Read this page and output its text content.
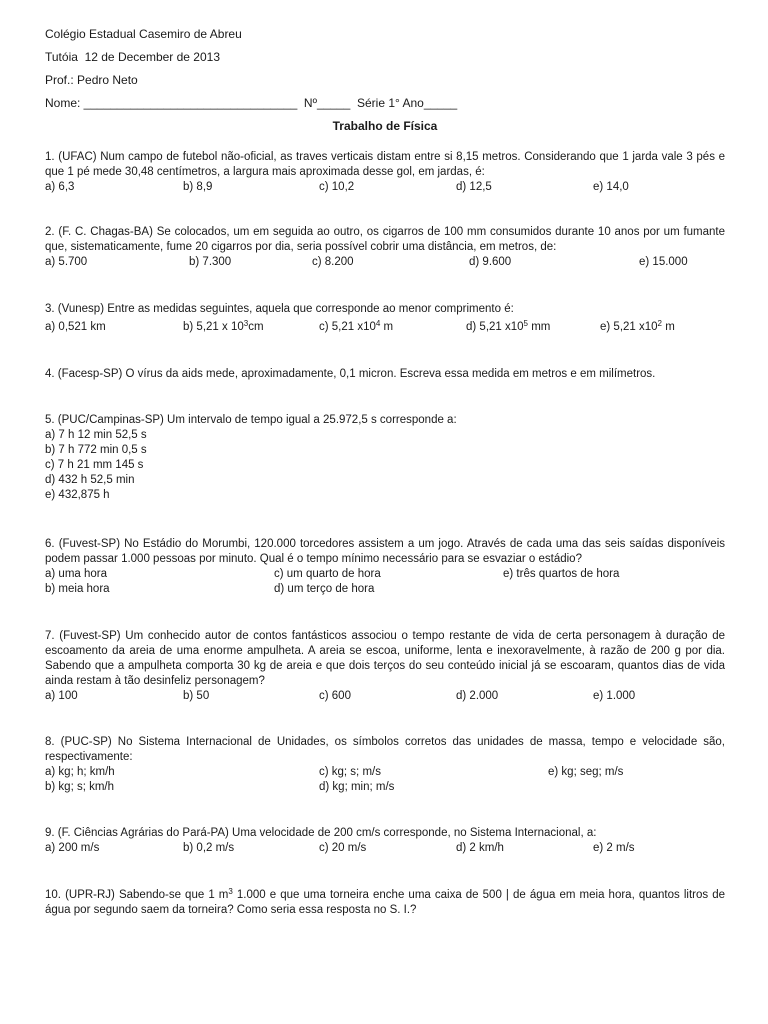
Colégio Estadual Casemiro de Abreu
Tutóia  12 de December de 2013
Prof.: Pedro Neto
Nome: ________________________________  Nº_____  Série 1° Ano_____
Trabalho de Física

1. (UFAC) Num campo de futebol não-oficial, as traves verticais distam entre si 8,15 metros. Considerando que 1 jarda vale 3 pés e que 1 pé mede 30,48 centímetros, a largura mais aproximada desse gol, em jardas, é:

a) 6,3	b) 8,9	c) 10,2	d) 12,5	e) 14,0

2. (F. C. Chagas-BA) Se colocados, um em seguida ao outro, os cigarros de 100 mm consumidos durante 10 anos por um fumante que, sistematicamente, fume 20 cigarros por dia, seria possível cobrir uma distância, em metros, de:

a) 5.700	b) 7.300	c) 8.200	d) 9.600	e) 15.000

3. (Vunesp) Entre as medidas seguintes, aquela que corresponde ao menor comprimento é:

a) 0,521 km	b) 5,21 x $10^3cm$	c) 5,21 $x10^4$ m	d) 5,21 $x10^5$ mm	e) 5,21 $x10^2$ m

4. (Facesp-SP) O vírus da aids mede, aproximadamente, 0,1 micron. Escreva essa medida em metros e em milímetros.

5. (PUC/Campinas-SP) Um intervalo de tempo igual a 25.972,5 s corresponde a:

a) 7 h 12 min 52,5 s
b) 7 h 772 min 0,5 s
c) 7 h 21 mm 145 s
d) 432 h 52,5 min
e) 432,875 h

6. (Fuvest-SP) No Estádio do Morumbi, 120.000 torcedores assistem a um jogo. Através de cada uma das seis saídas disponíveis podem passar 1.000 pessoas por minuto. Qual é o tempo mínimo necessário para se esvaziar o estádio?

a) uma hora	c) um quarto de hora	e) três quartos de hora
b) meia hora	d) um terço de hora

7. (Fuvest-SP) Um conhecido autor de contos fantásticos associou o tempo restante de vida de certa personagem à duração de escoamento da areia de uma enorme ampulheta. A areia se escoa, uniforme, lenta e inexoravelmente, à razão de 200 g por dia. Sabendo que a ampulheta comporta 30 kg de areia e que dois terços do seu conteúdo inicial já se escoaram, quantos dias de vida ainda restam à tão desinfeliz personagem?

a) 100	b) 50	c) 600	d) 2.000	e) 1.000

8. (PUC-SP) No Sistema Internacional de Unidades, os símbolos corretos das unidades de massa, tempo e velocidade são, respectivamente:

a) kg; h; km/h	c) kg; s; m/s	e) kg; seg; m/s
b) kg; s; km/h	d) kg; min; m/s

9. (F. Ciências Agrárias do Pará-PA) Uma velocidade de 200 cm/s corresponde, no Sistema Internacional, a:

a) 200 m/s	b) 0,2 m/s	c) 20 m/s	d) 2 km/h	e) 2 m/s

10. (UPR-RJ) Sabendo-se que 1 $m^3$ 1.000 e que uma torneira enche uma caixa de 500 | de água em meia hora, quantos litros de água por segundo saem da torneira? Como seria essa resposta no S. I.?
